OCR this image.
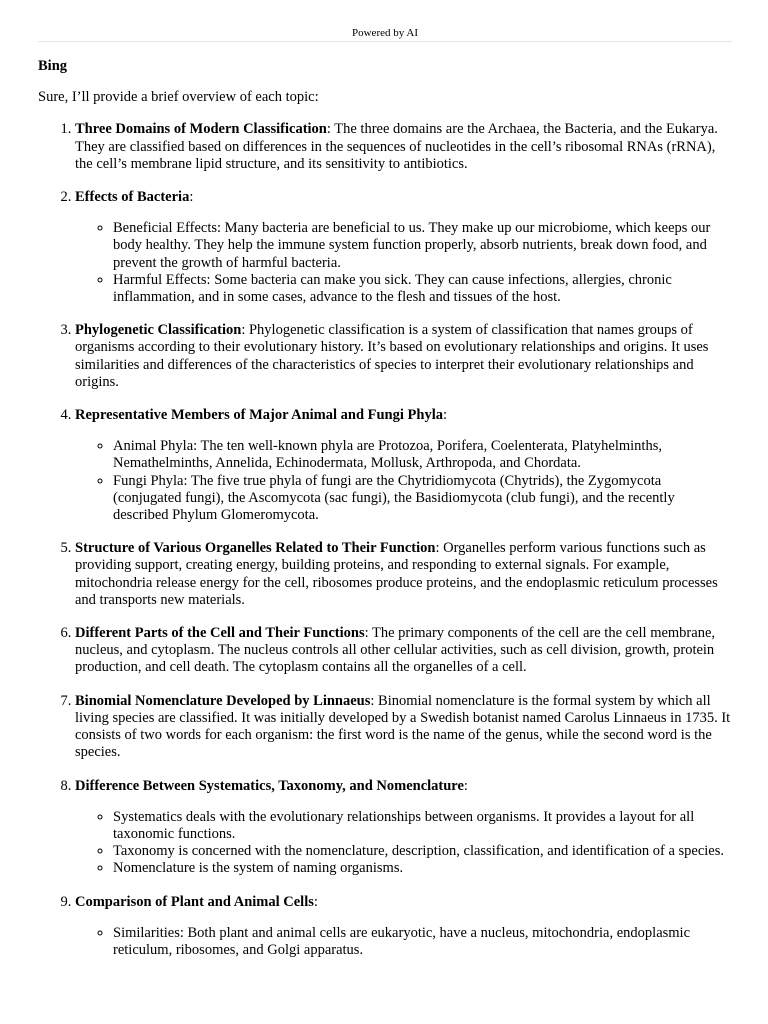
Powered by AI
Bing
Sure, I’ll provide a brief overview of each topic:
1. Three Domains of Modern Classification: The three domains are the Archaea, the Bacteria, and the Eukarya. They are classified based on differences in the sequences of nucleotides in the cell’s ribosomal RNAs (rRNA), the cell’s membrane lipid structure, and its sensitivity to antibiotics.
2. Effects of Bacteria:
◦ Beneficial Effects: Many bacteria are beneficial to us. They make up our microbiome, which keeps our body healthy. They help the immune system function properly, absorb nutrients, break down food, and prevent the growth of harmful bacteria.
◦ Harmful Effects: Some bacteria can make you sick. They can cause infections, allergies, chronic inflammation, and in some cases, advance to the flesh and tissues of the host.
3. Phylogenetic Classification: Phylogenetic classification is a system of classification that names groups of organisms according to their evolutionary history. It’s based on evolutionary relationships and origins. It uses similarities and differences of the characteristics of species to interpret their evolutionary relationships and origins.
4. Representative Members of Major Animal and Fungi Phyla:
◦ Animal Phyla: The ten well-known phyla are Protozoa, Porifera, Coelenterata, Platyhelminths, Nemathelminths, Annelida, Echinodermata, Mollusk, Arthropoda, and Chordata.
◦ Fungi Phyla: The five true phyla of fungi are the Chytridiomycota (Chytrids), the Zygomycota (conjugated fungi), the Ascomycota (sac fungi), the Basidiomycota (club fungi), and the recently described Phylum Glomeromycota.
5. Structure of Various Organelles Related to Their Function: Organelles perform various functions such as providing support, creating energy, building proteins, and responding to external signals. For example, mitochondria release energy for the cell, ribosomes produce proteins, and the endoplasmic reticulum processes and transports new materials.
6. Different Parts of the Cell and Their Functions: The primary components of the cell are the cell membrane, nucleus, and cytoplasm. The nucleus controls all other cellular activities, such as cell division, growth, protein production, and cell death. The cytoplasm contains all the organelles of a cell.
7. Binomial Nomenclature Developed by Linnaeus: Binomial nomenclature is the formal system by which all living species are classified. It was initially developed by a Swedish botanist named Carolus Linnaeus in 1735. It consists of two words for each organism: the first word is the name of the genus, while the second word is the species.
8. Difference Between Systematics, Taxonomy, and Nomenclature:
◦ Systematics deals with the evolutionary relationships between organisms. It provides a layout for all taxonomic functions.
◦ Taxonomy is concerned with the nomenclature, description, classification, and identification of a species.
◦ Nomenclature is the system of naming organisms.
9. Comparison of Plant and Animal Cells:
◦ Similarities: Both plant and animal cells are eukaryotic, have a nucleus, mitochondria, endoplasmic reticulum, ribosomes, and Golgi apparatus.
